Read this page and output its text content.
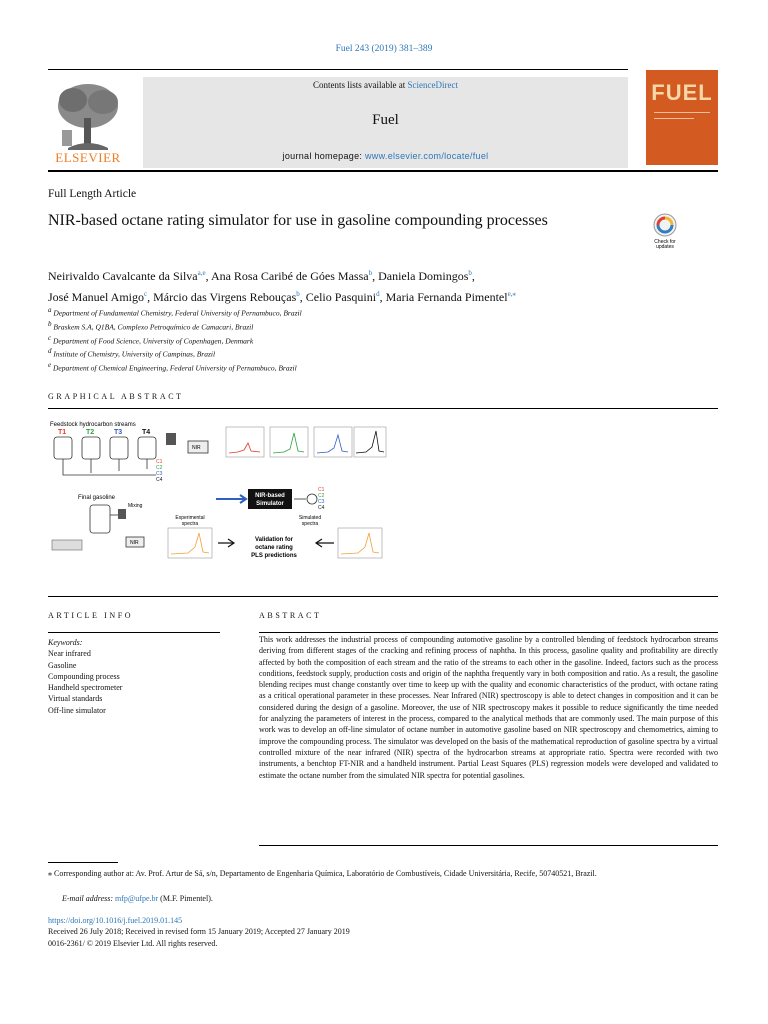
Fuel 243 (2019) 381–389
ELSEVIER
Contents lists available at ScienceDirect
Fuel
journal homepage: www.elsevier.com/locate/fuel
FUEL
Full Length Article
NIR-based octane rating simulator for use in gasoline compounding processes
Check for
updates
Neirivaldo Cavalcante da Silva$^{a,e}$, Ana Rosa Caribé de Góes Massa$^b$, Daniela Domingos$^b$,
José Manuel Amigo$^c$, Márcio das Virgens Rebouças$^b$, Celio Pasquini$^d$, Maria Fernanda Pimentel$^{e,⁎}$
$^a$ Department of Fundamental Chemistry, Federal University of Pernambuco, Brazil
$^b$ Braskem S.A, Q1BA, Complexo Petroquímico de Camacari, Brazil
$^c$ Department of Food Science, University of Copenhagen, Denmark
$^d$ Institute of Chemistry, University of Campinas, Brazil
$^e$ Department of Chemical Engineering, Federal University of Pernambuco, Brazil
GRAPHICAL ABSTRACT
Feedstock hydrocarbon streams
T1	T2	T3	T4
NIR
C1
C2
C3
C4
Final gasoline
Mixing
NIR
NIR-based
Simulator
C1
C2
C3
C4
Simulated
spectra
Experimental
spectra
Validation for
octane rating
PLS predictions
ARTICLE INFO	ABSTRACT
Keywords:
Near infrared
Gasoline
Compounding process
Handheld spectrometer
Virtual standards
Off-line simulator
This work addresses the industrial process of compounding automotive gasoline by a controlled blending of feedstock hydrocarbon streams deriving from different stages of the cracking and refining process of naphtha. In this process, gasoline quality and profitability are directly affected by both the composition of each stream and the ratio of the streams to each other in the gasoline. Indeed, factors such as the process conditions, feedstock supply, production costs and origin of the naphtha frequently vary in both composition and ratio. As a result, the gasoline blending recipes must change constantly over time to keep up with the quality and economic characteristics of the product, with octane rating as a critical operational parameter in these processes. Near Infrared (NIR) spectroscopy is able to detect changes in composition and it can be considered during the design of a gasoline. Moreover, the use of NIR spectroscopy makes it possible to reduce significantly the time needed for analyzing the parameters of interest in the process, compared to the analytical methods that are commonly used. The main purpose of this work was to develop an off-line simulator of octane number in automotive gasoline based on NIR spectroscopy and chemometrics, aiming to improve the compounding process. The simulator was developed on the basis of the mathematical reproduction of gasoline spectra by a virtual controlled mixture of the near infrared (NIR) spectra of the hydrocarbon streams at appropriate ratio. Spectra were recorded with two instruments, a benchtop FT-NIR and a handheld instrument. Partial Least Squares (PLS) regression models were developed and validated to estimate the octane number from the simulated NIR spectra for potential gasolines.
⁎ Corresponding author at: Av. Prof. Artur de Sá, s/n, Departamento de Engenharia Química, Laboratório de Combustíveis, Cidade Universitária, Recife, 50740521, Brazil.
E-mail address: mfp@ufpe.br (M.F. Pimentel).
https://doi.org/10.1016/j.fuel.2019.01.145
Received 26 July 2018; Received in revised form 15 January 2019; Accepted 27 January 2019
0016-2361/ © 2019 Elsevier Ltd. All rights reserved.
